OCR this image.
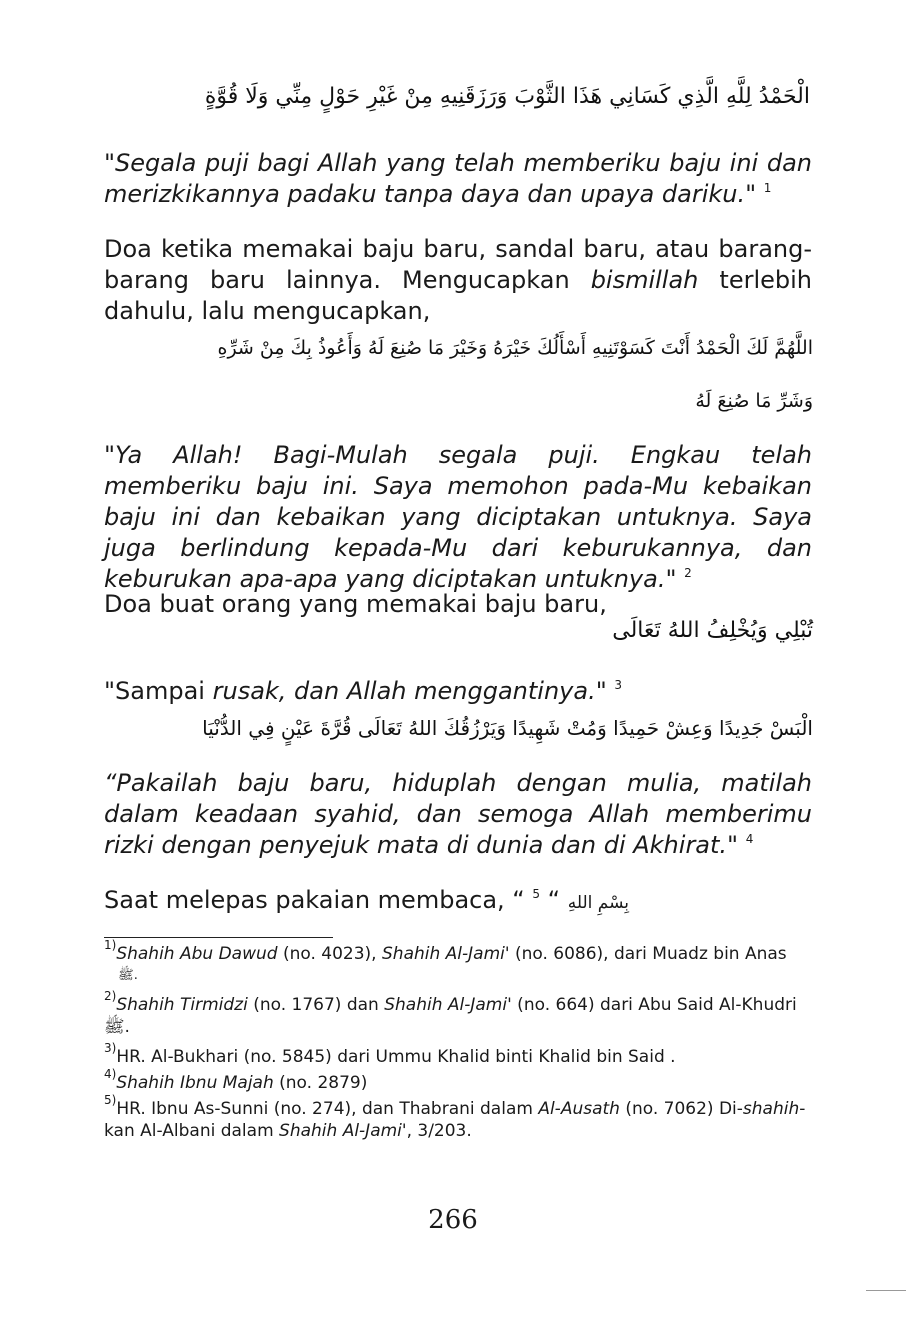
الْحَمْدُ لِلَّهِ الَّذِي كَسَانِي هَذَا الثَّوْبَ وَرَزَقَنِيهِ مِنْ غَيْرِ حَوْلٍ مِنِّي وَلَا قُوَّةٍ
"Segala puji bagi Allah yang telah memberiku baju ini dan merizkikannya padaku tanpa daya dan upaya dariku." $^1$
Doa ketika memakai baju baru, sandal baru, atau barang-barang baru lainnya. Mengucapkan bismillah terlebih dahulu, lalu mengucapkan,
اللَّهُمَّ لَكَ الْحَمْدُ أَنْتَ كَسَوْتَنِيهِ أَسْأَلُكَ خَيْرَهُ وَخَيْرَ مَا صُنِعَ لَهُ وَأَعُوذُ بِكَ مِنْ شَرِّهِ
وَشَرِّ مَا صُنِعَ لَهُ
"Ya Allah! Bagi-Mulah segala puji. Engkau telah memberiku baju ini. Saya memohon pada-Mu kebaikan baju ini dan kebaikan yang diciptakan untuknya. Saya juga berlindung kepada-Mu dari keburukannya, dan keburukan apa-apa yang diciptakan untuknya." $^2$
Doa buat orang yang memakai baju baru,
تُبْلِي وَيُخْلِفُ اللهُ تَعَالَى
"Sampai rusak, dan Allah menggantinya." $^3$
الْبَسْ جَدِيدًا وَعِشْ حَمِيدًا وَمُتْ شَهِيدًا وَيَرْزُقُكَ اللهُ تَعَالَى قُرَّةَ عَيْنٍ فِي الدُّنْيَا
“Pakailah baju baru, hiduplah dengan mulia, matilah dalam keadaan syahid, dan semoga Allah memberimu rizki dengan penyejuk mata di dunia dan di Akhirat." $^4$
Saat melepas pakaian membaca, “ بِسْمِ اللهِ “ $^5$
$^{1)}$Shahih Abu Dawud (no. 4023), Shahih Al-Jami' (no. 6086), dari Muadz bin Anas
ﷺ.
$^{2)}$Shahih Tirmidzi (no. 1767) dan Shahih Al-Jami' (no. 664) dari Abu Said Al-Khudri ﷺ.
$^{3)}$HR. Al-Bukhari (no. 5845) dari Ummu Khalid binti Khalid bin Said .
$^{4)}$Shahih Ibnu Majah (no. 2879)
$^{5)}$HR. Ibnu As-Sunni (no. 274), dan Thabrani dalam Al-Ausath (no. 7062) Di-shahih-kan Al-Albani dalam Shahih Al-Jami', 3/203.
266
